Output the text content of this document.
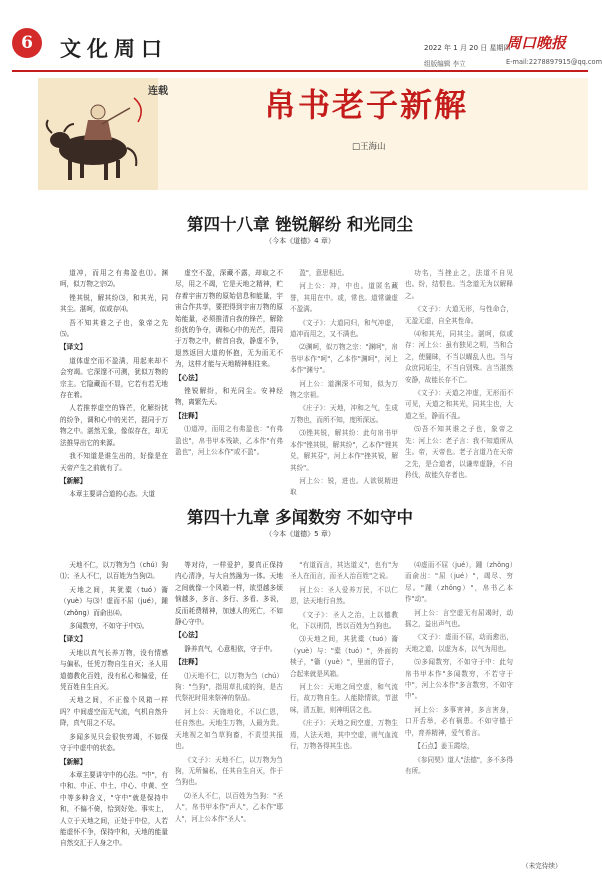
6	文化周口	2022 年 1 月 20 日 星期四
周口晚报
组版编辑 李立	E-mail:2278897915@qq.com
连载	帛书老子新解
□王海山
第四十八章 锉锐解纷 和光同尘
（今本《道德》4 章）

道冲，而用之有弗盈也⑴。渊呵，似万物之宗⑵。

锉其锐，解其纷⑶，和其光，同其尘。湛呵，似或存⑷。

吾不知其谁之子也，象帝之先⑸。

【译文】

道体虚空而不盈满，用起来却不会穷竭。它深邃不可测，犹似万物的宗主。它隐藏而不显，它若有若无地存在着。

人若推荐虚空的锋芒，化解纷扰的纷争，调和心中的光芒，混同于万物之中。湛然无象，像似存在，却无法推导出它的来源。

我不知道是谁生出的，好像是在天帝产生之前就有了。

【新解】

本章主要讲合道的心态。大道

虚空不盈，深藏不露，却取之不尽，用之不竭，它是天地之精神，贮存着宇宙万物的原始信息和能量，宇宙合作共享，要把得到宇宙万物的原始能量，必须推清自我的锋芒，解除纷扰的争夺，调和心中的光芒，混同于万物之中，俯首自我，静虚不争，退然返回大道的怀抱，无为而无不为，这样才能与天地精神相往来。

【心法】

锉锐解纷，和光同尘。安神经物，离繁先天。

【注释】

⑴道冲，而用之有弗盈也："有弗盈也"，帛书甲本残缺，乙本作"有弗盈也"，河上公本作"或不盈"。

盈"，意思相近。

河上公：冲，中也。道匿名藏誉，其用在中。或，常也。道常谦虚不盈满。

《文子》：大道同归，和气冲虚，道冲而用之，又不满也。

⑵渊呵，似万物之宗："渊呵"，帛书甲本作"呵"，乙本作"渊呵"，河上本作"渊兮"。

河上公：道渊深不可知，似为万物之宗祖。

《庄子》：天地，冲和之气，生成万物也，而所不知，度所深远。

⑶锉其锐，解其纷：此句帛书甲本作"锉其锐，解其纷"，乙本作"锉其兑，解其芬"，河上本作"挫其锐，解其纷"。

河上公：锐，进也。人欲锐精进取

功名，当挫止之，法道不自见也。纷，结恨也。当念道无为以解释之。

《文子》：大道无形，与性命合，无盈无虚，自全其性命。

⑷和其光，同其尘。湛呵，似或存：河上公：虽有独见之明，当和合之，使闇昧，不当以曜乱人也。当与众庶同垢尘，不当自别殊。言当湛然安静，故能长存不亡。

《文子》：天道之冲虚，无形而不可见，天道之和其光，同其尘也，大道之至，静而不乱。

⑸吾不知其谁之子也，象帝之先：河上公：老子言：我不知道所从生。帝，天帝也。老子言道乃在天帝之先，是合道者，以谦卑虚静，不自矜伐，故能久存者也。

第四十九章 多闻数穷 不如守中
（今本《道德》5 章）

天地不仁，以万物为刍（chú）狗⑴；圣人不仁，以百姓为刍狗⑵。

天地之间，其犹橐（tuó）籥（yuè）与⑶！虚而不屈（jué），踵（zhǒng）而俞出⑷。

多闻数穷，不如守于中⑸。

【译文】

天地以真气长养万物，没有情感与偏私，任凭万物自生自灭；圣人用道德教化百姓，没有私心和偏爱，任凭百姓自生自灭。

天地之间，不正像个风箱一样吗？中间虚空而无气流，气机自然升降，真气用之不尽。

多闻多见只会很快穷竭，不如保守于中虚中的状态。

【新解】

本章主要讲守中的心法。"中"，有中和、中正、中土、中心、中黄、空中等多种含义，"守中"就是保持中和，不偏不倚，恰到好处。事实上，人立于天地之间，正处于中位，人若能虚怀不争，保持中和，天地的能量自然交汇于人身之中。

等对待，一样爱护，要真正保持内心清净，与大自然融为一体。天地之间就像一个风箱一样，欲望越多烦恼越多，多言、多行、多看、多说，反而耗费精神，加速人的死亡，不如静心守中。

【心法】

静养真气，心意相依，守于中。

【注释】

⑴天地不仁，以万物为刍（chú）狗："刍狗"，指用草扎成的狗，是古代祭祀时用来祭神的祭品。

河上公：天施地化，不以仁恩，任自然也。天地生万物，人最为贵。天地视之如刍草狗畜，不责望其报也。

《文子》：天地不仁，以万物为刍狗，无所偏私，任其自生自灭，作于刍狗也。

⑵圣人不仁，以百姓为刍狗："圣人"，帛书甲本作"声人"，乙本作"耶人"，河上公本作"圣人"。

"有道而言，其达道义"，也有"为圣人在而言，而圣人治百姓"之说。

河上公：圣人爱养万民，不以仁恩，法天地行自然。

《文子》：圣人之治，上以德教化，下以刑罚，皆以百姓为刍狗也。

⑶天地之间，其犹橐（tuó）籥（yuè）与："橐（tuó）"，外面的椟子，"籥（yuè）"，里面的管子，合起来就是风箱。

河上公：天地之间空虚，和气流行，故万物自生。人能除情欲，节滋味，清五脏，则神明居之也。

《庄子》：天地之间空虚，万物生焉，人法天地，其中空虚，则气血流行，万物各得其生也。

⑷虚而不屈（jué），踵（zhǒng）而俞出："屈（jué）"，竭尽、穷尽。"踵（zhǒng）"，帛书乙本作"动"。

河上公：言空虚无有屈竭时，动摇之，益出声气也。

《文子》：虚而不屈，动而愈出，天地之道，以虚为本，以气为用也。

⑸多闻数穷，不如守于中：此句帛书甲本作"多闻数穷，不若守于中"，河上公本作"多言数穷，不如守中"。

河上公：多事害神，多言害身，口开舌举，必有祸患。不如守德于中，育养精神，爱气希言。

【石点】姜玉霞绘，

《参同契》道人"法德"，多不多得有所。

（未完待续）
